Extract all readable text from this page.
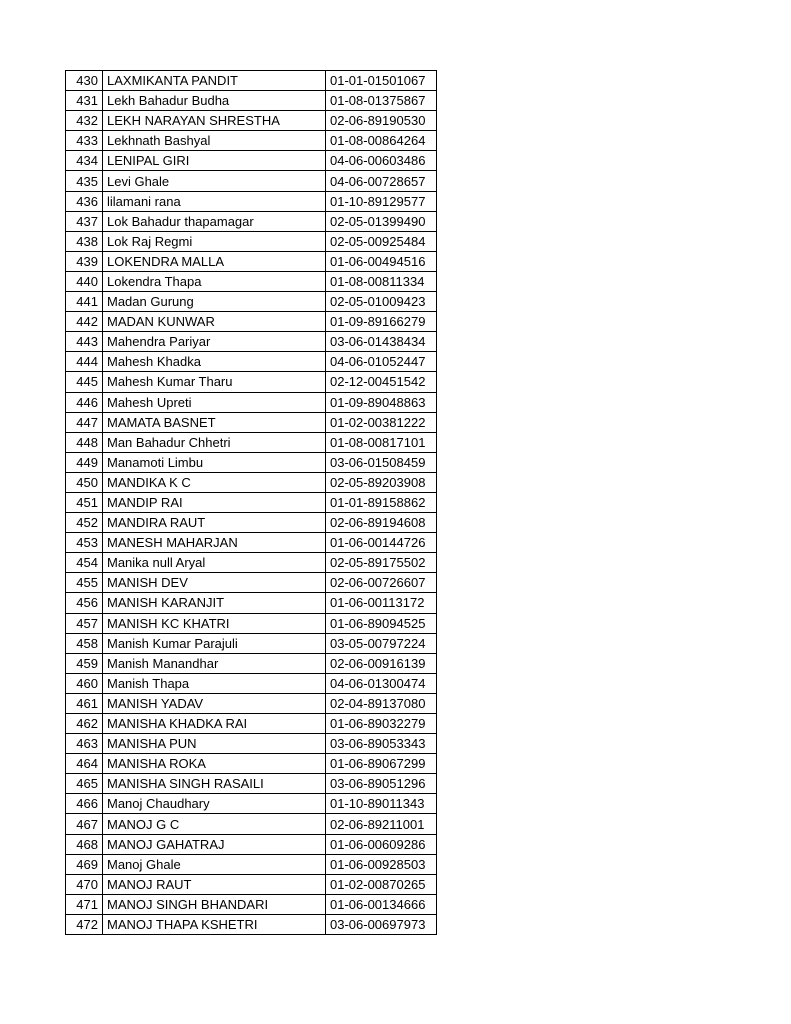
430	LAXMIKANTA PANDIT	01-01-01501067
431	Lekh Bahadur Budha	01-08-01375867
432	LEKH NARAYAN SHRESTHA	02-06-89190530
433	Lekhnath Bashyal	01-08-00864264
434	LENIPAL GIRI	04-06-00603486
435	Levi Ghale	04-06-00728657
436	lilamani rana	01-10-89129577
437	Lok Bahadur thapamagar	02-05-01399490
438	Lok Raj Regmi	02-05-00925484
439	LOKENDRA MALLA	01-06-00494516
440	Lokendra Thapa	01-08-00811334
441	Madan Gurung	02-05-01009423
442	MADAN KUNWAR	01-09-89166279
443	Mahendra Pariyar	03-06-01438434
444	Mahesh Khadka	04-06-01052447
445	Mahesh Kumar Tharu	02-12-00451542
446	Mahesh Upreti	01-09-89048863
447	MAMATA BASNET	01-02-00381222
448	Man Bahadur Chhetri	01-08-00817101
449	Manamoti Limbu	03-06-01508459
450	MANDIKA K C	02-05-89203908
451	MANDIP RAI	01-01-89158862
452	MANDIRA RAUT	02-06-89194608
453	MANESH MAHARJAN	01-06-00144726
454	Manika null Aryal	02-05-89175502
455	MANISH DEV	02-06-00726607
456	MANISH KARANJIT	01-06-00113172
457	MANISH KC KHATRI	01-06-89094525
458	Manish Kumar Parajuli	03-05-00797224
459	Manish Manandhar	02-06-00916139
460	Manish Thapa	04-06-01300474
461	MANISH YADAV	02-04-89137080
462	MANISHA KHADKA RAI	01-06-89032279
463	MANISHA PUN	03-06-89053343
464	MANISHA ROKA	01-06-89067299
465	MANISHA SINGH RASAILI	03-06-89051296
466	Manoj Chaudhary	01-10-89011343
467	MANOJ G C	02-06-89211001
468	MANOJ GAHATRAJ	01-06-00609286
469	Manoj Ghale	01-06-00928503
470	MANOJ RAUT	01-02-00870265
471	MANOJ SINGH BHANDARI	01-06-00134666
472	MANOJ THAPA KSHETRI	03-06-00697973
